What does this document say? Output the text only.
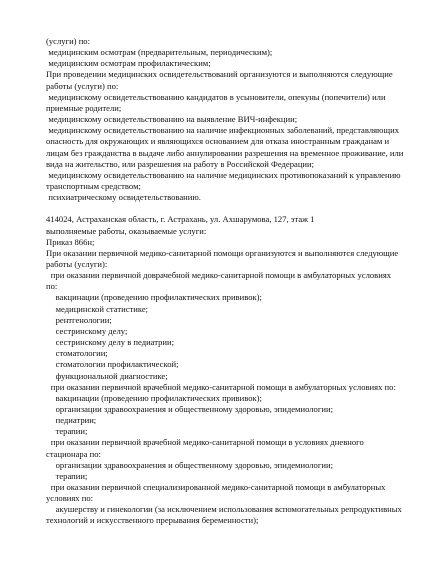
(услуги) по:
медицинским осмотрам (предварительным, периодическим);
медицинским осмотрам профилактическим;
При проведении медицинских освидетельствований организуются и выполняются следующие
работы (услуги) по:
медицинскому освидетельствованию кандидатов в усыновители, опекуны (попечители) или
приемные родители;
медицинскому освидетельствованию на выявление ВИЧ-инфекции;
медицинскому освидетельствованию на наличие инфекционных заболеваний, представляющих
опасность для окружающих и являющихся основанием для отказа иностранным гражданам и
лицам без гражданства в выдаче либо аннулировании разрешения на временное проживание, или
вида на жительство, или разрешения на работу в Российской Федерации;
медицинскому освидетельствованию на наличие медицинских противопоказаний к управлению
транспортным средством;
психиатрическому освидетельствованию.
414024, Астраханская область, г. Астрахань, ул. Ахшарумова, 127, этаж 1
выполняемые работы, оказываемые услуги:
Приказ 866н;
При оказании первичной медико-санитарной помощи организуются и выполняются следующие
работы (услуги):
при оказании первичной доврачебной медико-санитарной помощи в амбулаторных условиях
по:
вакцинации (проведению профилактических прививок);
медицинской статистике;
рентгенологии;
сестринскому делу;
сестринскому делу в педиатрии;
стоматологии;
стоматологии профилактической;
функциональной диагностике;
при оказании первичной врачебной медико-санитарной помощи в амбулаторных условиях по:
вакцинации (проведению профилактических прививок);
организации здравоохранения и общественному здоровью, эпидемиологии;
педиатрии;
терапии;
при оказании первичной врачебной медико-санитарной помощи в условиях дневного
стационара по:
организации здравоохранения и общественному здоровью, эпидемиологии;
терапии;
при оказании первичной специализированной медико-санитарной помощи в амбулаторных
условиях по:
акушерству и гинекологии (за исключением использования вспомогательных репродуктивных
технологий и искусственного прерывания беременности);
